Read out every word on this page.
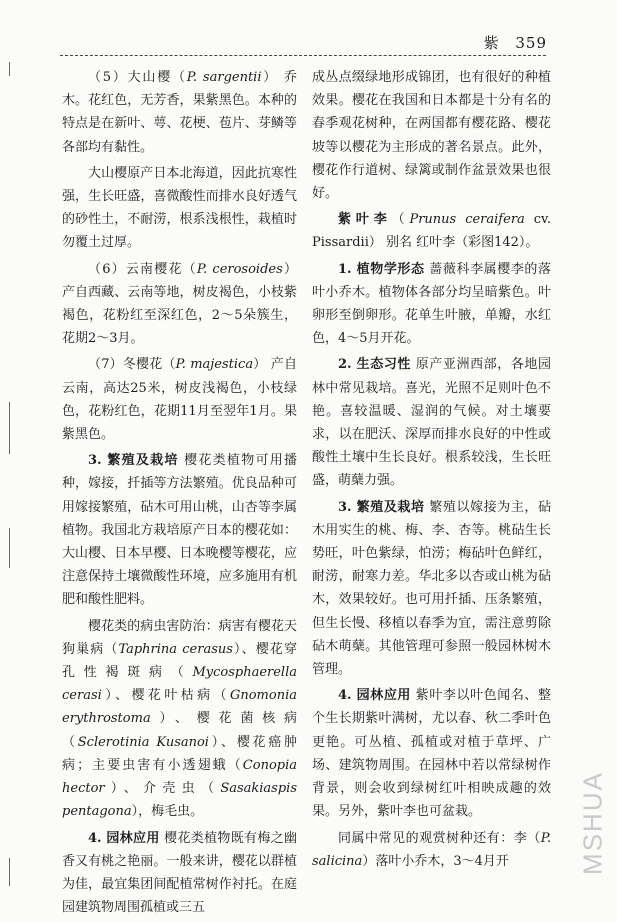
紫 359

（5）大山樱（P. sargentii） 乔木。花红色，无芳香，果紫黑色。本种的特点是在新叶、萼、花梗、苞片、芽鳞等各部均有黏性。

大山樱原产日本北海道，因此抗寒性强，生长旺盛，喜微酸性而排水良好透气的砂性土，不耐涝，根系浅根性，栽植时勿覆土过厚。

（6）云南樱花（P. cerosoides） 产自西藏、云南等地，树皮褐色，小枝紫褐色，花粉红至深红色，2～5朵簇生，花期2～3月。

（7）冬樱花（P. majestica） 产自云南，高达25米，树皮浅褐色，小枝绿色，花粉红色，花期11月至翌年1月。果紫黑色。

3. 繁殖及栽培 樱花类植物可用播种，嫁接，扦插等方法繁殖。优良品种可用嫁接繁殖，砧木可用山桃，山杏等李属植物。我国北方栽培原产日本的樱花如：大山樱、日本早樱、日本晚樱等樱花，应注意保持土壤微酸性环境，应多施用有机肥和酸性肥料。

樱花类的病虫害防治：病害有樱花天狗巢病（Taphrina cerasus）、樱花穿孔性褐斑病（Mycosphaerella cerasi）、樱花叶枯病（Gnomonia erythrostoma）、樱花菌核病（Sclerotinia Kusanoi）、樱花癌肿病；主要虫害有小透翅蛾（Conopia hector）、介壳虫（Sasakiaspis pentagona），梅毛虫。

4. 园林应用 樱花类植物既有梅之幽香又有桃之艳丽。一般来讲，樱花以群植为佳，最宜集团间配植常树作衬托。在庭园建筑物周围孤植或三五

成丛点缀绿地形成锦团，也有很好的种植效果。樱花在我国和日本都是十分有名的春季观花树种，在两国都有樱花路、樱花坡等以樱花为主形成的著名景点。此外，樱花作行道树、绿篱或制作盆景效果也很好。

紫叶李（Prunus ceraifera cv. Pissardii） 别名 红叶李（彩图142）。

1. 植物学形态 蔷薇科李属樱李的落叶小乔木。植物体各部分均呈暗紫色。叶卵形至倒卵形。花单生叶腋，单瓣，水红色，4～5月开花。

2. 生态习性 原产亚洲西部，各地园林中常见栽培。喜光，光照不足则叶色不艳。喜较温暖、湿润的气候。对土壤要求，以在肥沃、深厚而排水良好的中性或酸性土壤中生长良好。根系较浅，生长旺盛，萌蘖力强。

3. 繁殖及栽培 繁殖以嫁接为主，砧木用实生的桃、梅、李、杏等。桃砧生长势旺，叶色紫绿，怕涝；梅砧叶色鲜红，耐涝，耐寒力差。华北多以杏或山桃为砧木，效果较好。也可用扦插、压条繁殖，但生长慢、移植以春季为宜，需注意剪除砧木萌蘖。其他管理可参照一般园林树木管理。

4. 园林应用 紫叶李以叶色闻名、整个生长期紫叶满树，尤以春、秋二季叶色更艳。可丛植、孤植或对植于草坪、广场、建筑物周围。在园林中若以常绿树作背景，则会收到绿树红叶相映成趣的效果。另外，紫叶李也可盆栽。

同属中常见的观赏树种还有：李（P. salicina）落叶小乔木，3～4月开	MSHUA
